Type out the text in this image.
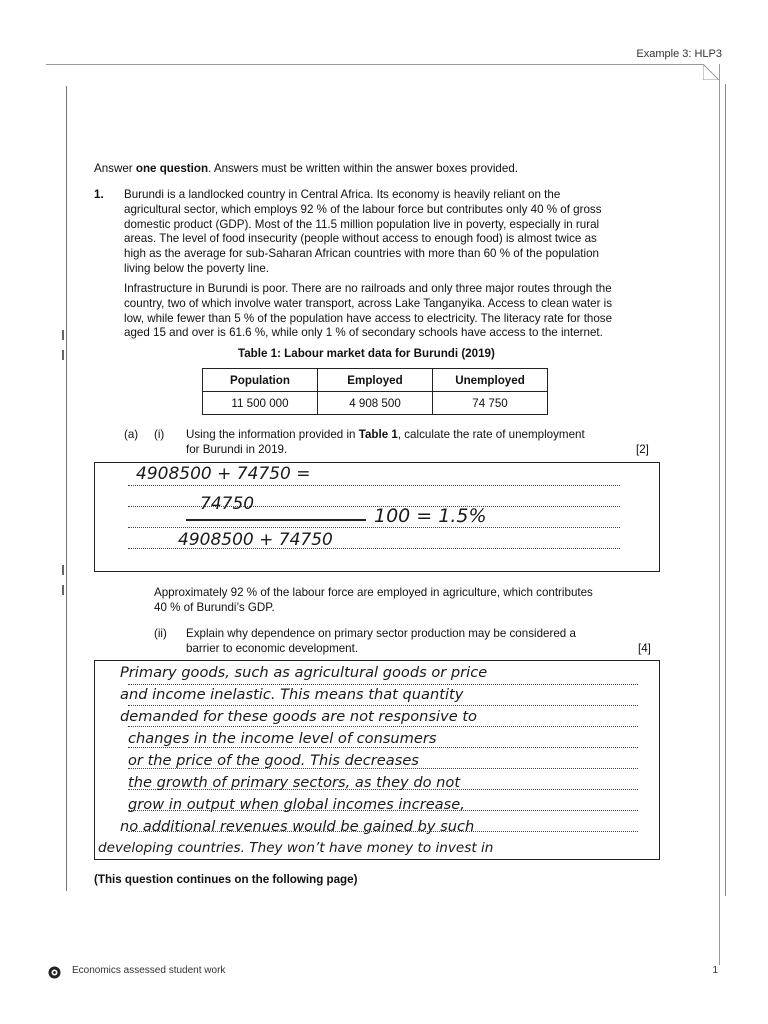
Example 3: HLP3
Answer one question. Answers must be written within the answer boxes provided.
1. Burundi is a landlocked country in Central Africa. Its economy is heavily reliant on the
agricultural sector, which employs 92 % of the labour force but contributes only 40 % of gross
domestic product (GDP). Most of the 11.5 million population live in poverty, especially in rural
areas. The level of food insecurity (people without access to enough food) is almost twice as
high as the average for sub-Saharan African countries with more than 60 % of the population
living below the poverty line.
Infrastructure in Burundi is poor. There are no railroads and only three major routes through the
country, two of which involve water transport, across Lake Tanganyika. Access to clean water is
low, while fewer than 5 % of the population have access to electricity. The literacy rate for those
aged 15 and over is 61.6 %, while only 1 % of secondary schools have access to the internet.
Table 1: Labour market data for Burundi (2019)
Population	Employed	Unemployed
11 500 000	4 908 500	74 750
(a) (i) Using the information provided in Table 1, calculate the rate of unemployment
for Burundi in 2019.	[2]
4908500 + 74750 =
74750
100 = 1.5%
4908500 + 74750
Approximately 92 % of the labour force are employed in agriculture, which contributes
40 % of Burundi’s GDP.
(ii) Explain why dependence on primary sector production may be considered a
barrier to economic development.	[4]
Primary goods, such as agricultural goods or price
and income inelastic. This means that quantity
demanded for these goods are not responsive to
changes in the income level of consumers
or the price of the good. This decreases
the growth of primary sectors, as they do not
grow in output when global incomes increase,
no additional revenues would be gained by such
developing countries. They won’t have money to invest in
(This question continues on the following page)
Economics assessed student work	1
